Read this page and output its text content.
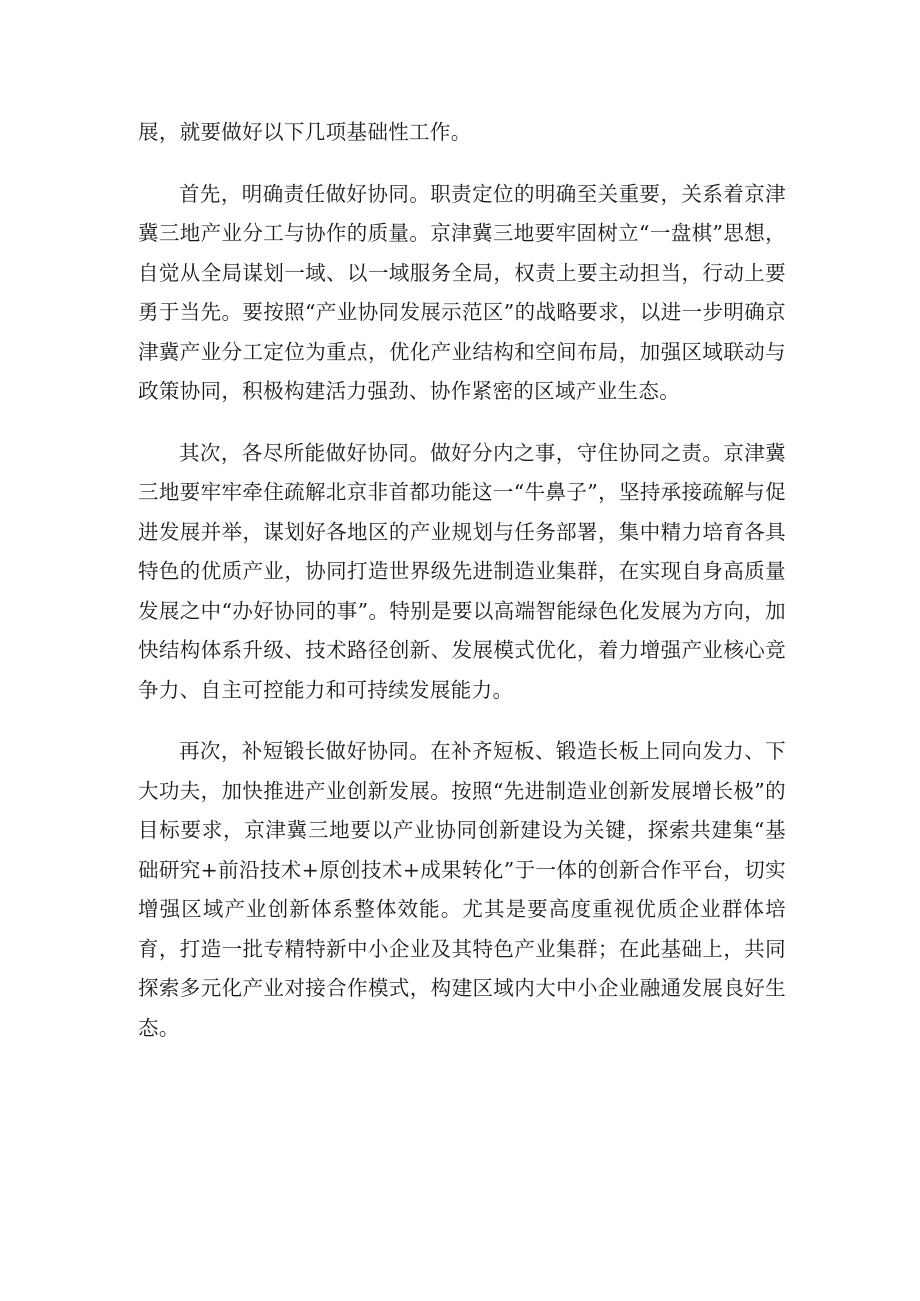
展，就要做好以下几项基础性工作。

首先，明确责任做好协同。职责定位的明确至关重要，关系着京津冀三地产业分工与协作的质量。京津冀三地要牢固树立“一盘棋”思想，自觉从全局谋划一域、以一域服务全局，权责上要主动担当，行动上要勇于当先。要按照“产业协同发展示范区”的战略要求，以进一步明确京津冀产业分工定位为重点，优化产业结构和空间布局，加强区域联动与政策协同，积极构建活力强劲、协作紧密的区域产业生态。

其次，各尽所能做好协同。做好分内之事，守住协同之责。京津冀三地要牢牢牵住疏解北京非首都功能这一“牛鼻子”，坚持承接疏解与促进发展并举，谋划好各地区的产业规划与任务部署，集中精力培育各具特色的优质产业，协同打造世界级先进制造业集群，在实现自身高质量发展之中“办好协同的事”。特别是要以高端智能绿色化发展为方向，加快结构体系升级、技术路径创新、发展模式优化，着力增强产业核心竞争力、自主可控能力和可持续发展能力。

再次，补短锻长做好协同。在补齐短板、锻造长板上同向发力、下大功夫，加快推进产业创新发展。按照“先进制造业创新发展增长极”的目标要求，京津冀三地要以产业协同创新建设为关键，探索共建集“基础研究+前沿技术+原创技术+成果转化”于一体的创新合作平台，切实增强区域产业创新体系整体效能。尤其是要高度重视优质企业群体培育，打造一批专精特新中小企业及其特色产业集群；在此基础上，共同探索多元化产业对接合作模式，构建区域内大中小企业融通发展良好生态。
